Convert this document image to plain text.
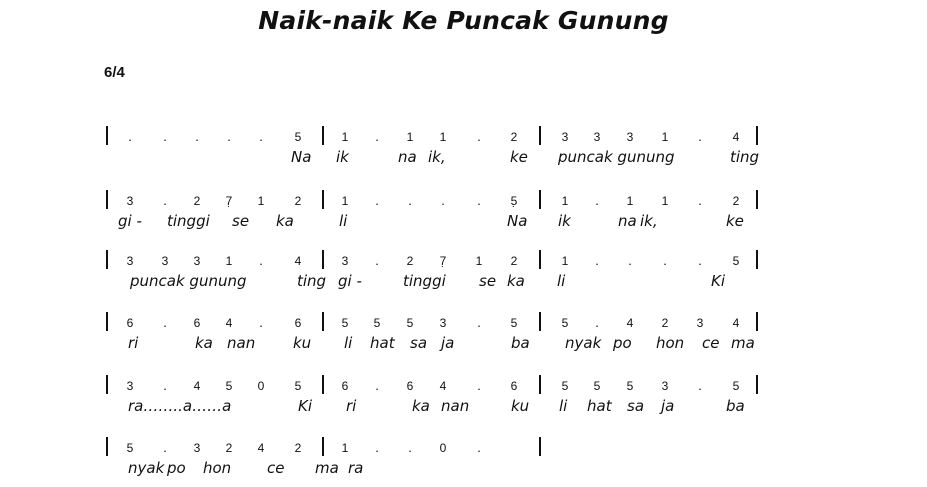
Naik-naik Ke Puncak Gunung
6/4
.	.	.	.	.	5	1	.	1	1	.	2	3	3	3	1	.	4
Na ik	na ik,	ke puncak gunung	ting
3	.	2	7̣	1	2	1	.	.	.	.	5̣	1	.	1	1	.	2
gi - tinggi se ka	li	Na ik	na ik,	ke
3	3	3	1	.	4	3	.	2	7̣	1	2	1	.	.	.	.	5
puncak gunung	ting gi -	tinggi se ka li	Ki
6	.	6	4	.	6	5	5	5	3	.	5	5	.	4	2	3	4
ri	ka nan	ku li hat sa ja	ba nyak po hon ce ma
3	.	4	5	0	5	6	.	6	4	.	6	5	5	5	3	.	5
ra……..a……a	Ki ri	ka nan	ku li hat sa ja	ba
5	.	3	2	4	2	1	.	.	0	.
nyak po hon ce ma ra
